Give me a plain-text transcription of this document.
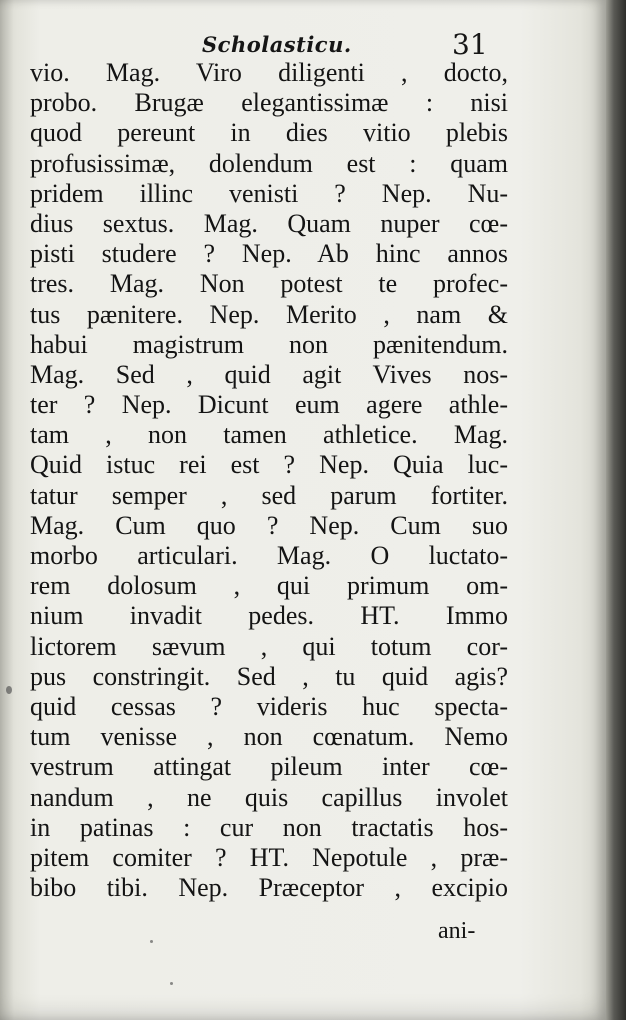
Scholasticu.	31
vio. Mag. Viro diligenti , docto,
probo. Brugæ elegantissimæ : nisi
quod pereunt in dies vitio plebis
profusissimæ, dolendum est : quam
pridem illinc venisti ? Nep. Nu-
dius sextus. Mag. Quam nuper cœ-
pisti studere ? Nep. Ab hinc annos
tres. Mag. Non potest te profec-
tus pænitere. Nep. Merito , nam &
habui magistrum non pænitendum.
Mag. Sed , quid agit Vives nos-
ter ? Nep. Dicunt eum agere athle-
tam , non tamen athletice. Mag.
Quid istuc rei est ? Nep. Quia luc-
tatur semper , sed parum fortiter.
Mag. Cum quo ? Nep. Cum suo
morbo articulari. Mag. O luctato-
rem dolosum , qui primum om-
nium invadit pedes. HT. Immo
lictorem sævum , qui totum cor-
pus constringit. Sed , tu quid agis?
quid cessas ? videris huc specta-
tum venisse , non cœnatum. Nemo
vestrum attingat pileum inter cœ-
nandum , ne quis capillus involet
in patinas : cur non tractatis hos-
pitem comiter ? HT. Nepotule , præ-
bibo tibi. Nep. Præceptor , excipio
ani-
